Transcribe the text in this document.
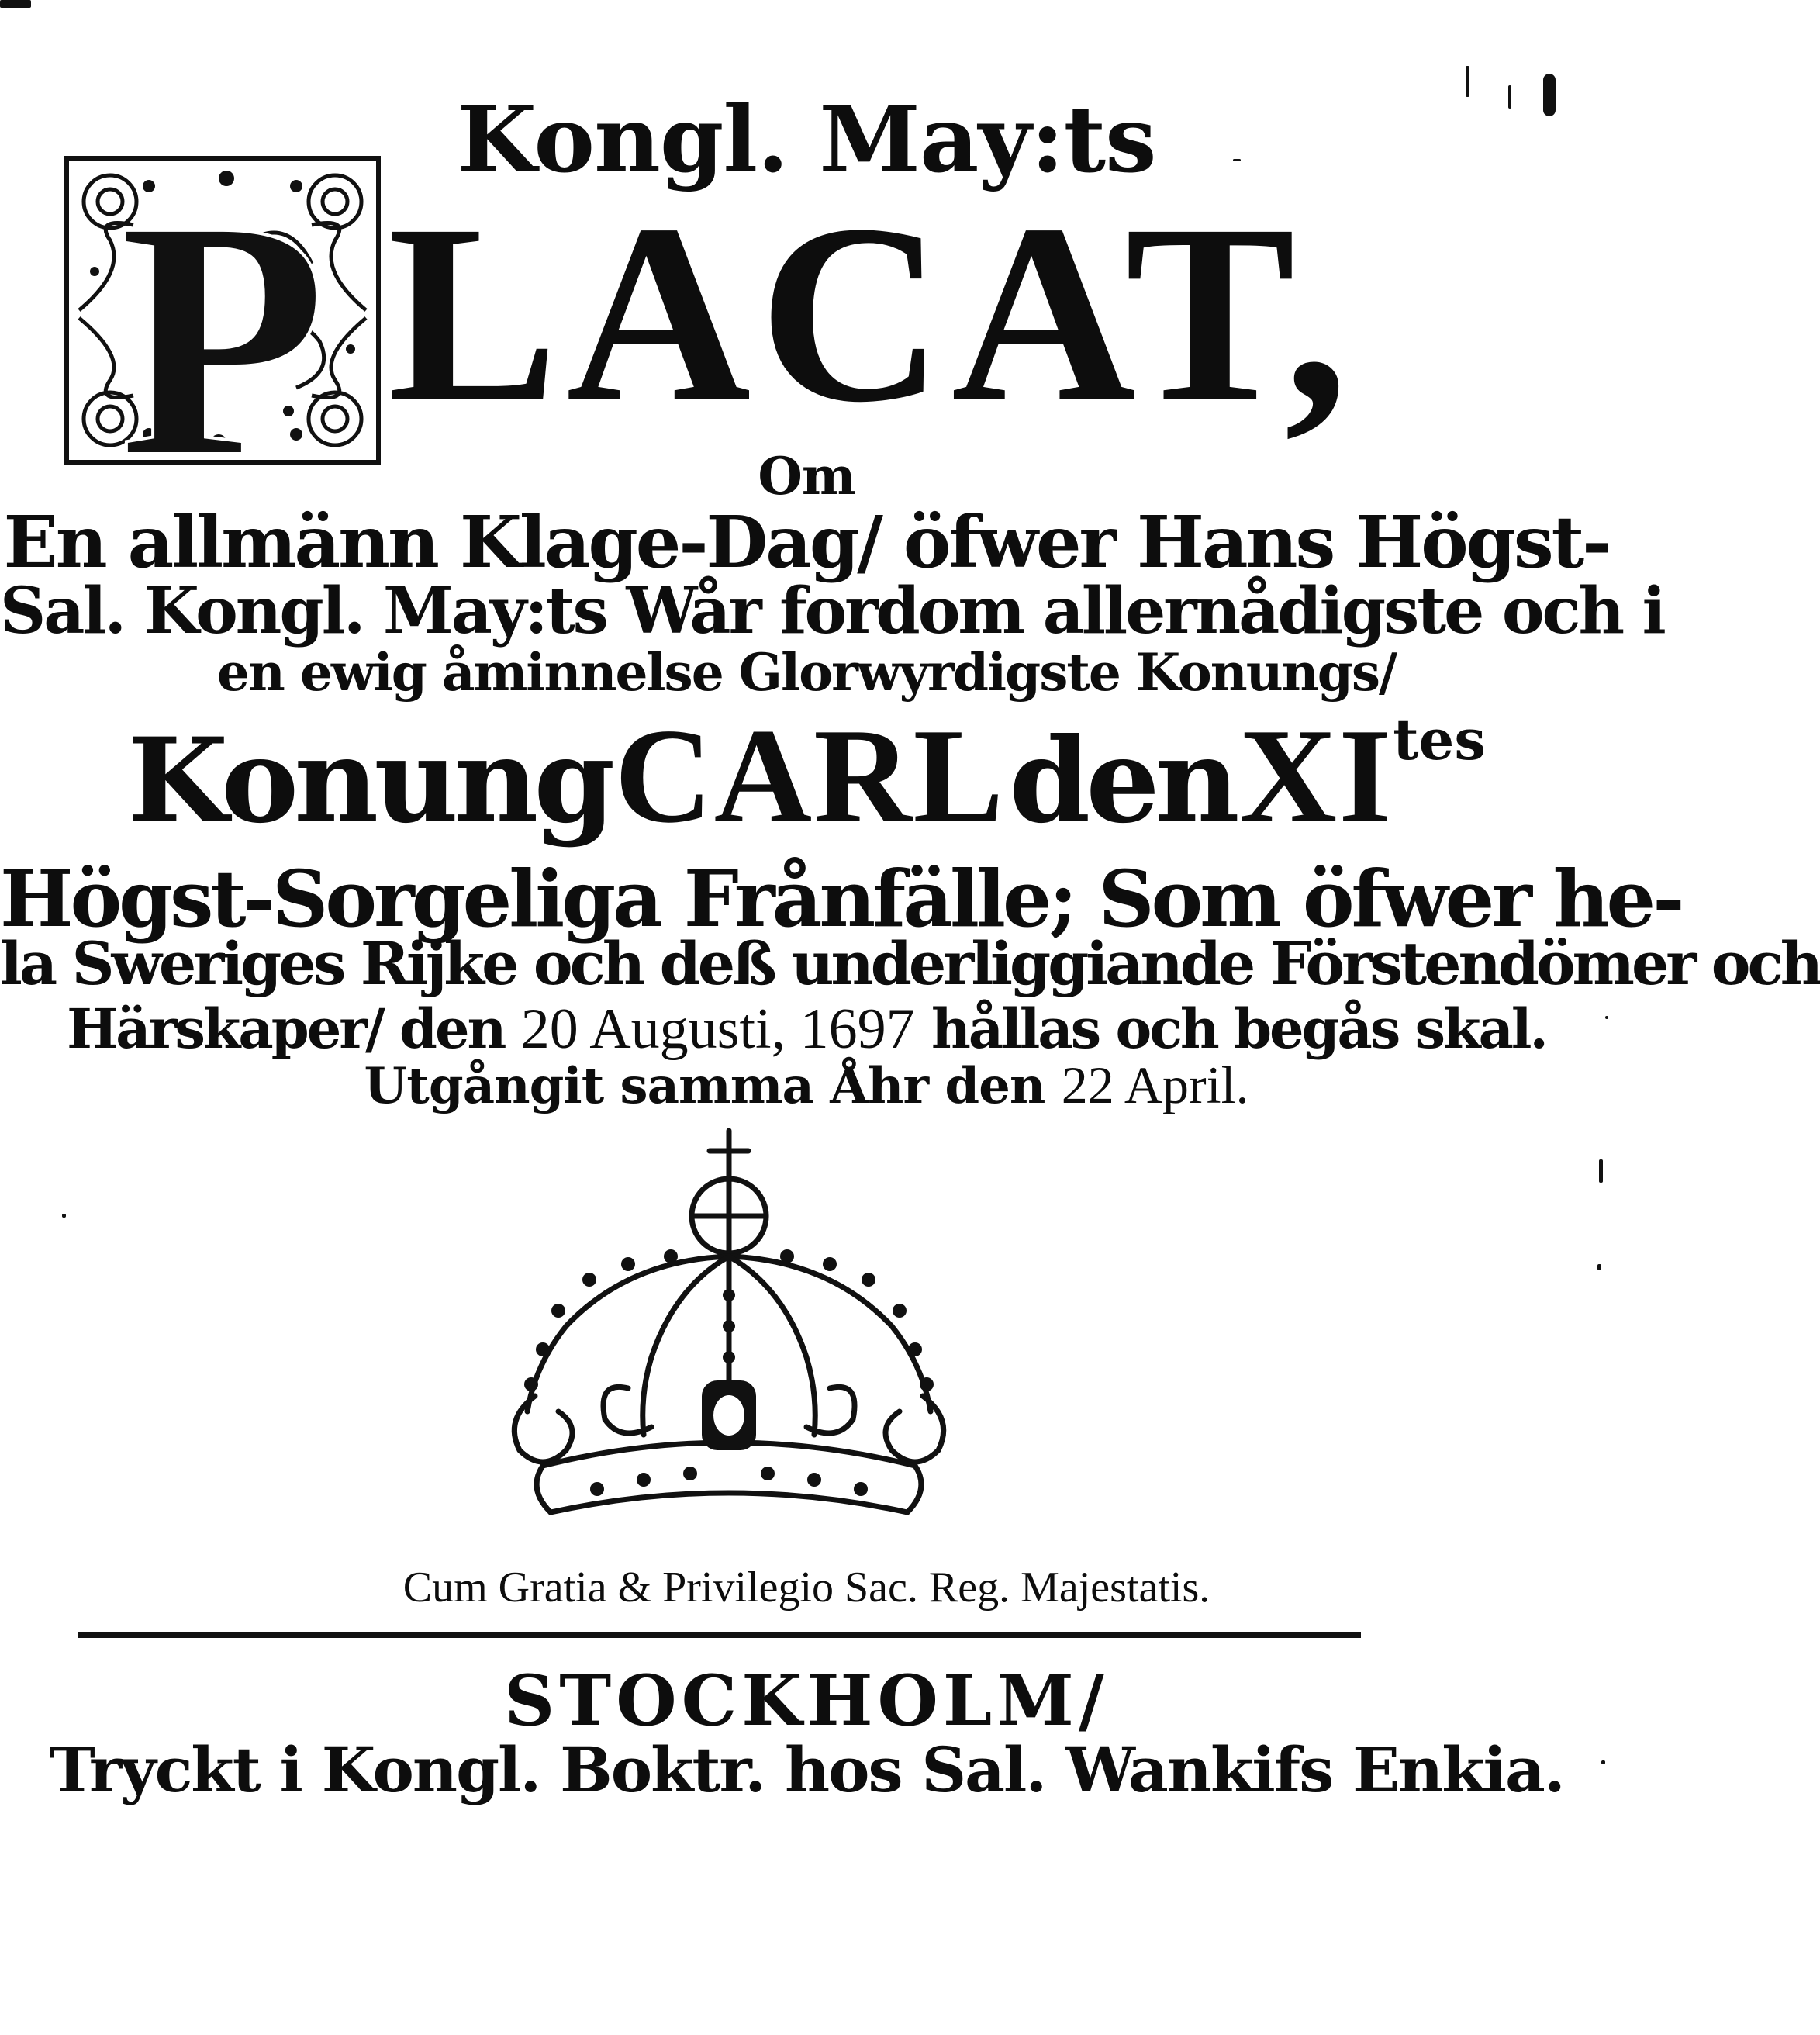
Kongl. May:ts
P LACAT,
Om
En allmänn Klage-Dag/ öfwer Hans Högst-
Sal. Kongl. May:ts Wår fordom allernådigste och i
en ewig åminnelse Glorwyrdigste Konungs/
Konung CARL den XItes
Högst-Sorgeliga Frånfälle; Som öfwer he-
la Sweriges Rijke och deß underliggiande Förstendömer och
Härskaper/ den 20 Augusti, 1697 hållas och begås skal.
Utgångit samma Åhr den 22 April.
Cum Gratia & Privilegio Sac. Reg. Majestatis.
STOCKHOLM/
Tryckt i Kongl. Boktr. hos Sal. Wankifs Enkia.
